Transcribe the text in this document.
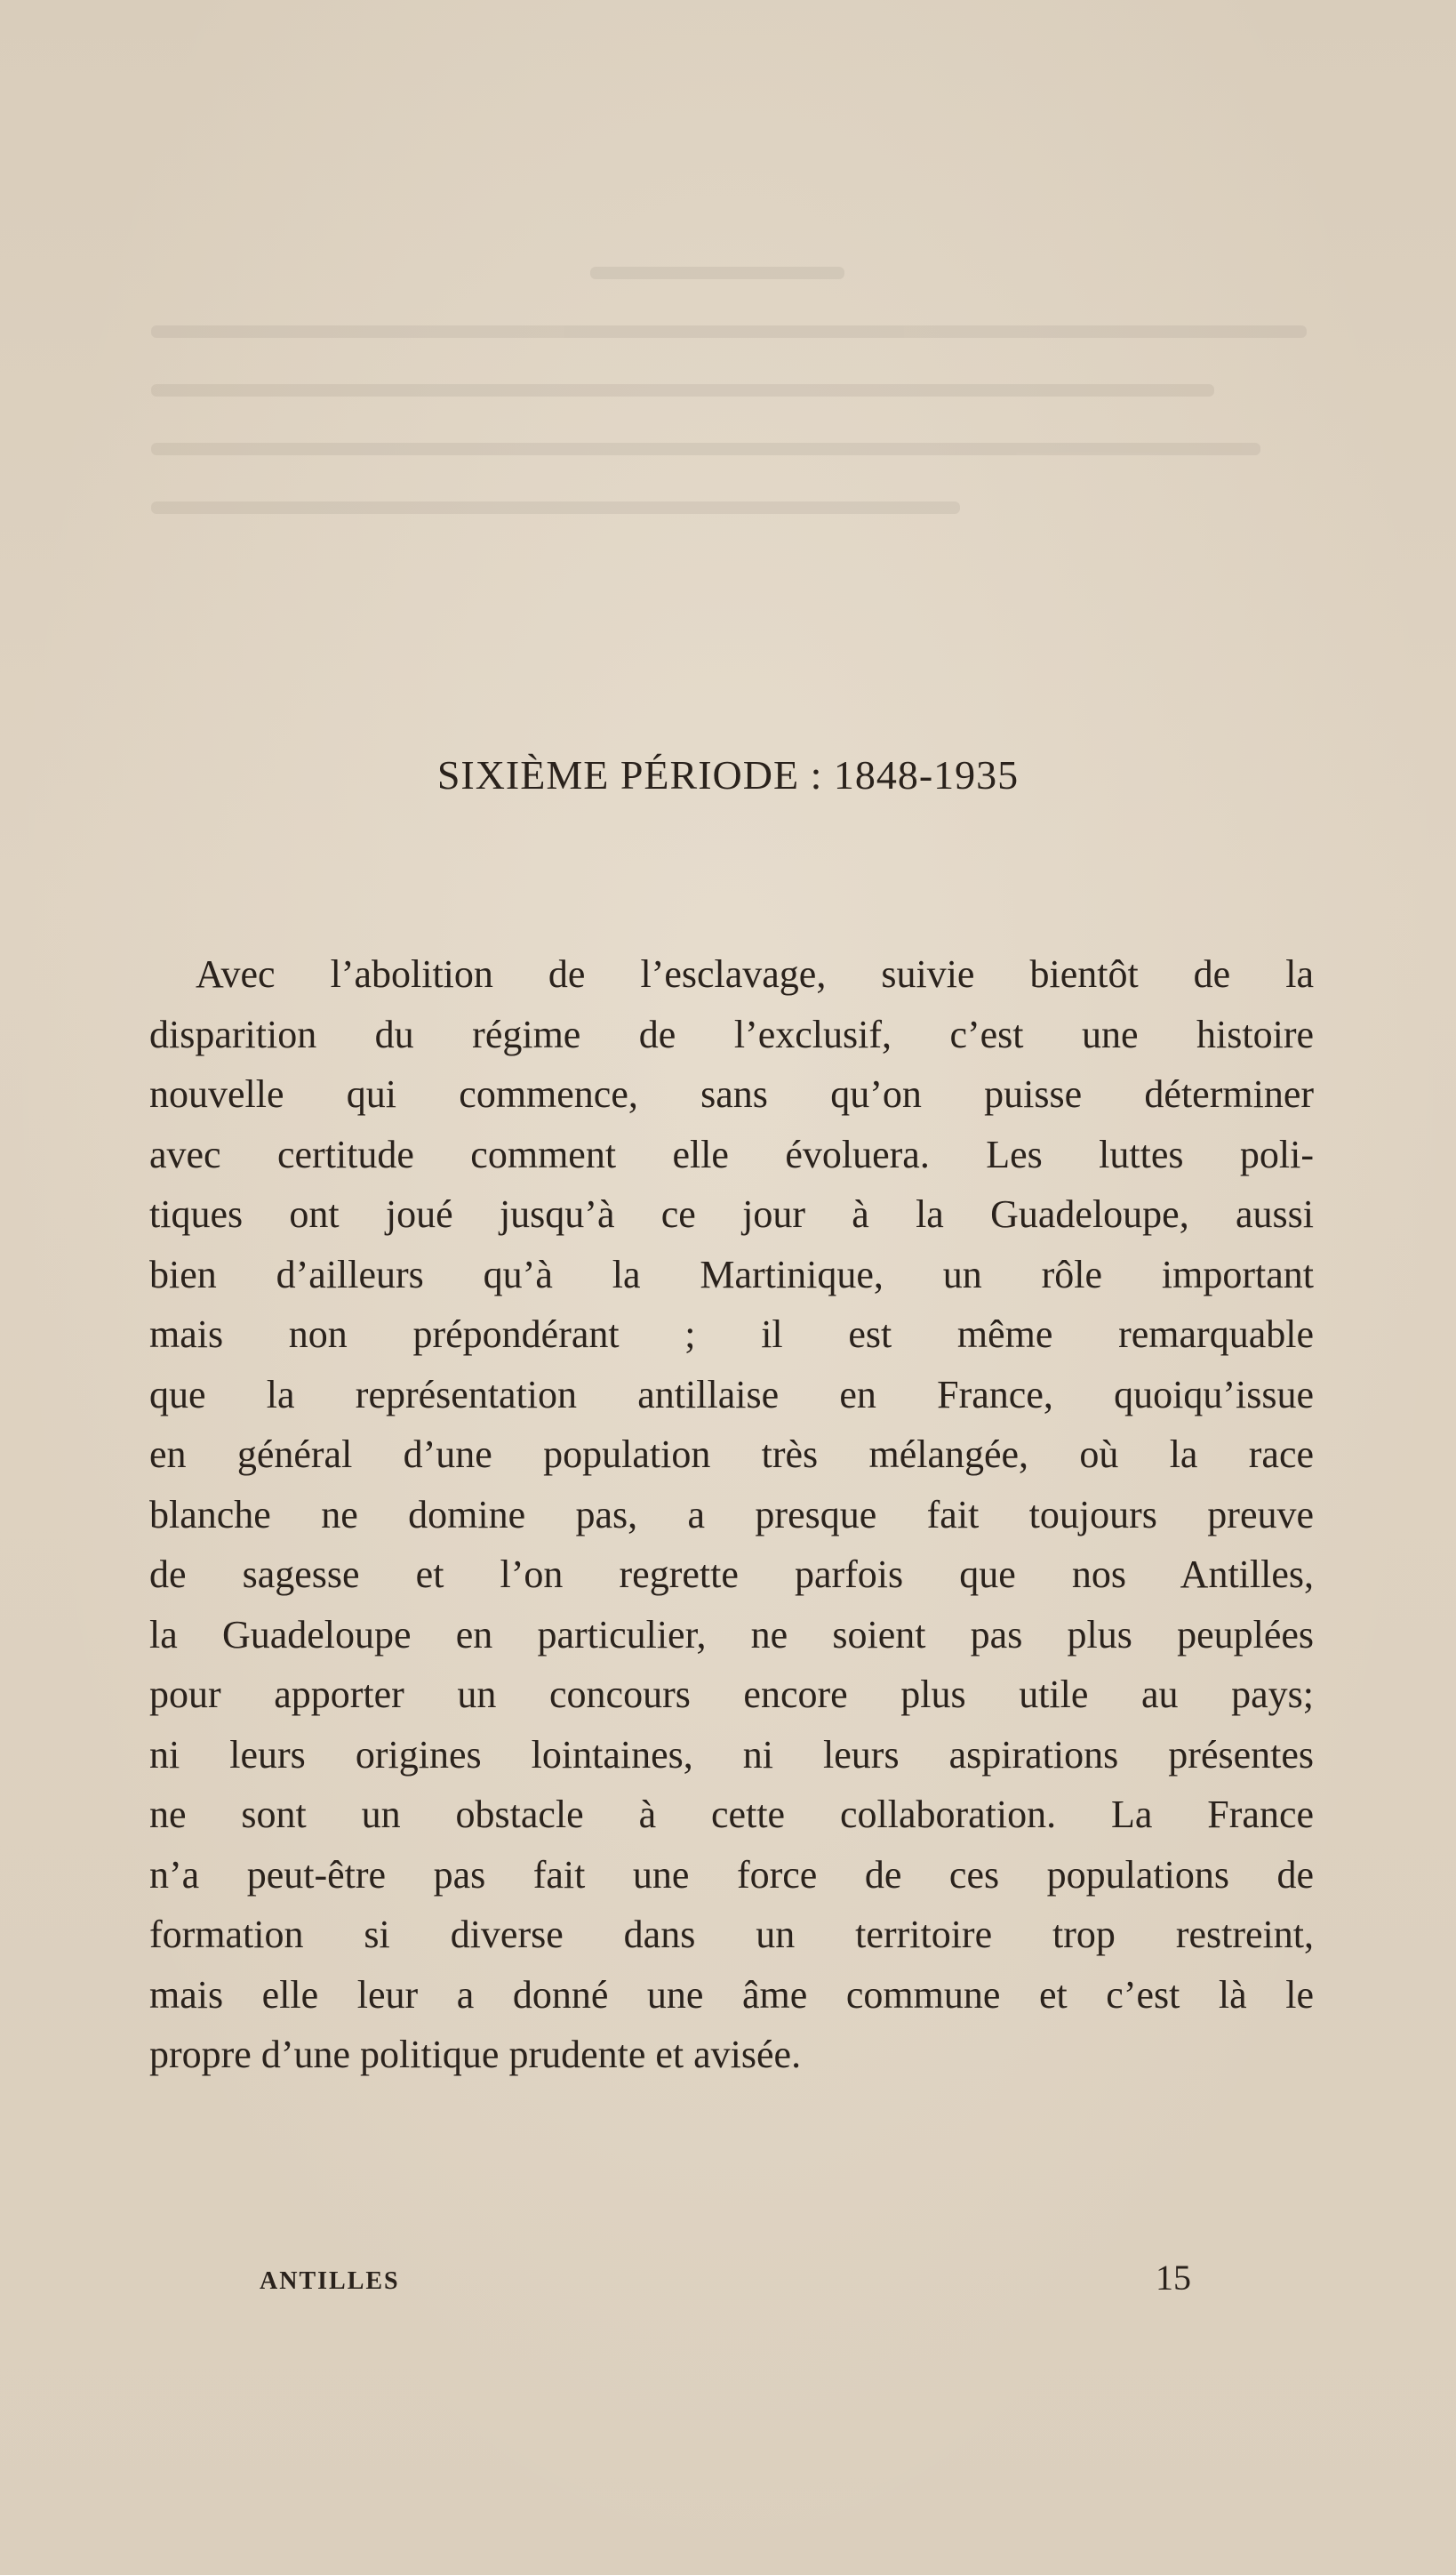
SIXIÈME PÉRIODE : 1848-1935

Avec l’abolition de l’esclavage, suivie bientôt de la
disparition du régime de l’exclusif, c’est une histoire
nouvelle qui commence, sans qu’on puisse déterminer
avec certitude comment elle évoluera. Les luttes poli-
tiques ont joué jusqu’à ce jour à la Guadeloupe, aussi
bien d’ailleurs qu’à la Martinique, un rôle important
mais non prépondérant ; il est même remarquable
que la représentation antillaise en France, quoiqu’issue
en général d’une population très mélangée, où la race
blanche ne domine pas, a presque fait toujours preuve
de sagesse et l’on regrette parfois que nos Antilles,
la Guadeloupe en particulier, ne soient pas plus peuplées
pour apporter un concours encore plus utile au pays;
ni leurs origines lointaines, ni leurs aspirations présentes
ne sont un obstacle à cette collaboration. La France
n’a peut-être pas fait une force de ces populations de
formation si diverse dans un territoire trop restreint,
mais elle leur a donné une âme commune et c’est là le
propre d’une politique prudente et avisée.

ANTILLES	15
